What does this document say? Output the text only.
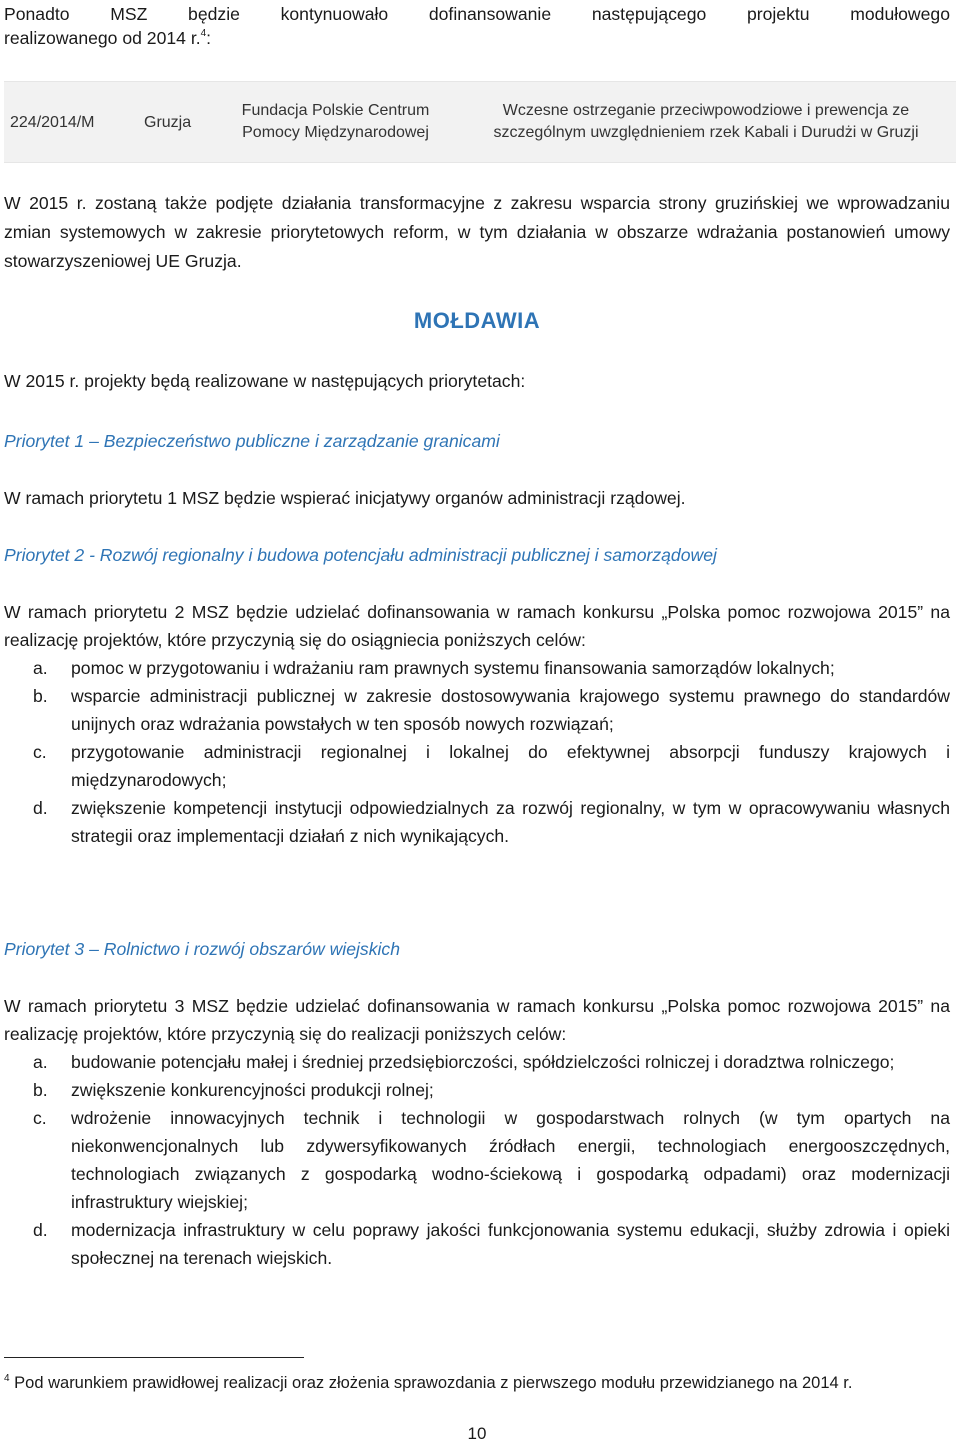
Ponadto MSZ będzie kontynuowało dofinansowanie następującego projektu modułowego
realizowanego od 2014 r.$^4$:
224/2014/M	Gruzja
Fundacja Polskie Centrum Pomocy Międzynarodowej
Wczesne ostrzeganie przeciwpowodziowe i prewencja ze szczególnym uwzględnieniem rzek Kabali i Durudżi w Gruzji
W 2015 r. zostaną także podjęte działania transformacyjne z zakresu wsparcia strony gruzińskiej we wprowadzaniu zmian systemowych w zakresie priorytetowych reform, w tym działania w obszarze wdrażania postanowień umowy stowarzyszeniowej UE Gruzja.
MOŁDAWIA
W 2015 r. projekty będą realizowane w następujących priorytetach:
Priorytet 1 – Bezpieczeństwo publiczne i zarządzanie granicami
W ramach priorytetu 1 MSZ będzie wspierać inicjatywy organów administracji rządowej.
Priorytet 2 - Rozwój regionalny i budowa potencjału administracji publicznej i samorządowej
W ramach priorytetu 2 MSZ będzie udzielać dofinansowania w ramach konkursu „Polska pomoc rozwojowa 2015” na realizację projektów, które przyczynią się do osiągniecia poniższych celów:
a. pomoc w przygotowaniu i wdrażaniu ram prawnych systemu finansowania samorządów lokalnych;
b. wsparcie administracji publicznej w zakresie dostosowywania krajowego systemu prawnego do standardów unijnych oraz wdrażania powstałych w ten sposób nowych rozwiązań;
c. przygotowanie administracji regionalnej i lokalnej do efektywnej absorpcji funduszy krajowych i międzynarodowych;
d. zwiększenie kompetencji instytucji odpowiedzialnych za rozwój regionalny, w tym w opracowywaniu własnych strategii oraz implementacji działań z nich wynikających.
Priorytet 3 – Rolnictwo i rozwój obszarów wiejskich
W ramach priorytetu 3 MSZ będzie udzielać dofinansowania w ramach konkursu „Polska pomoc rozwojowa 2015” na realizację projektów, które przyczynią się do realizacji poniższych celów:
a. budowanie potencjału małej i średniej przedsiębiorczości, spółdzielczości rolniczej i doradztwa rolniczego;
b. zwiększenie konkurencyjności produkcji rolnej;
c. wdrożenie innowacyjnych technik i technologii w gospodarstwach rolnych (w tym opartych na niekonwencjonalnych lub zdywersyfikowanych źródłach energii, technologiach energooszczędnych, technologiach związanych z gospodarką wodno-ściekową i gospodarką odpadami) oraz modernizacji infrastruktury wiejskiej;
d. modernizacja infrastruktury w celu poprawy jakości funkcjonowania systemu edukacji, służby zdrowia i opieki społecznej na terenach wiejskich.
$^4$ Pod warunkiem prawidłowej realizacji oraz złożenia sprawozdania z pierwszego modułu przewidzianego na 2014 r.
10
